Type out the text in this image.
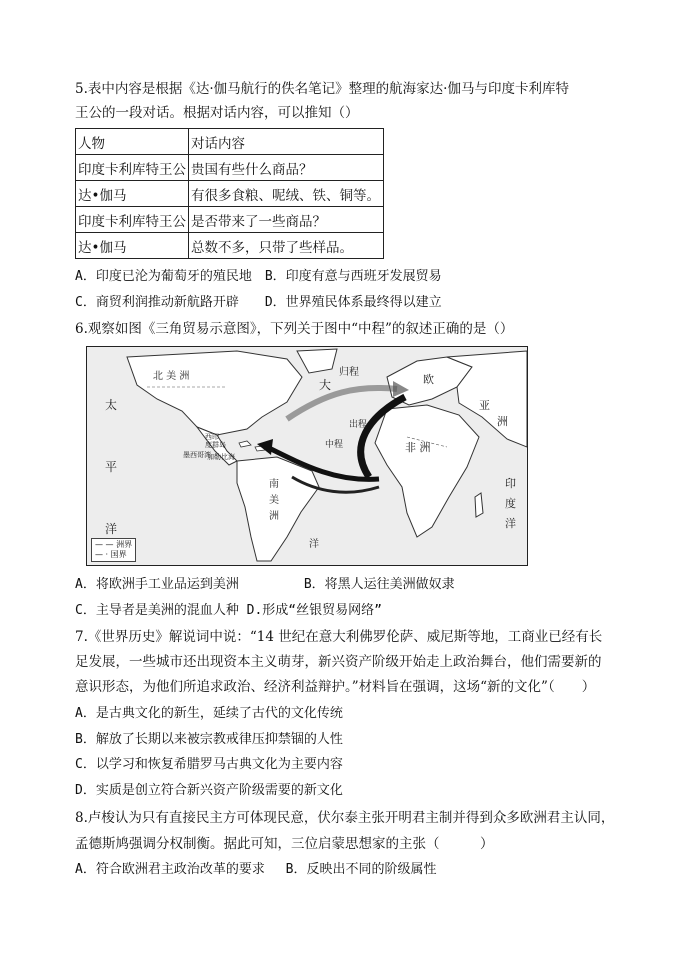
5.表中内容是根据《达·伽马航行的佚名笔记》整理的航海家达·伽马与印度卡利库特
王公的一段对话。根据对话内容，可以推知（）
人物	对话内容
印度卡利库特王公	贵国有些什么商品？
达•伽马	有很多食粮、呢绒、铁、铜等。
印度卡利库特王公	是否带来了一些商品？
达•伽马	总数不多，只带了些样品。
A．印度已沦为葡萄牙的殖民地　B．印度有意与西班牙发展贸易
C．商贸利润推动新航路开辟　　D．世界殖民体系最终得以建立
6.观察如图《三角贸易示意图》，下列关于图中“中程”的叙述正确的是（）
太
平
洋
北 美 洲
西印
度群岛
墨西哥湾
加勒比海
南
美
洲
大
归程
出程
中程
洋
欧
亚
洲
非 洲
印
度
洋
— — 洲界
— · 国界
A．将欧洲手工业品运到美洲　　　　　B．将黑人运往美洲做奴隶
C．主导者是美洲的混血人种 D.形成“丝银贸易网络”
7.《世界历史》解说词中说：“14 世纪在意大利佛罗伦萨、威尼斯等地，工商业已经有长
足发展，一些城市还出现资本主义萌芽，新兴资产阶级开始走上政治舞台，他们需要新的
意识形态，为他们所追求政治、经济利益辩护。”材料旨在强调，这场“新的文化”（　　）
A．是古典文化的新生，延续了古代的文化传统
B．解放了长期以来被宗教戒律压抑禁锢的人性
C．以学习和恢复希腊罗马古典文化为主要内容
D．实质是创立符合新兴资产阶级需要的新文化
8.卢梭认为只有直接民主方可体现民意，伏尔泰主张开明君主制并得到众多欧洲君主认同，
孟德斯鸠强调分权制衡。据此可知，三位启蒙思想家的主张（　　　）
A．符合欧洲君主政治改革的要求　 B．反映出不同的阶级属性
